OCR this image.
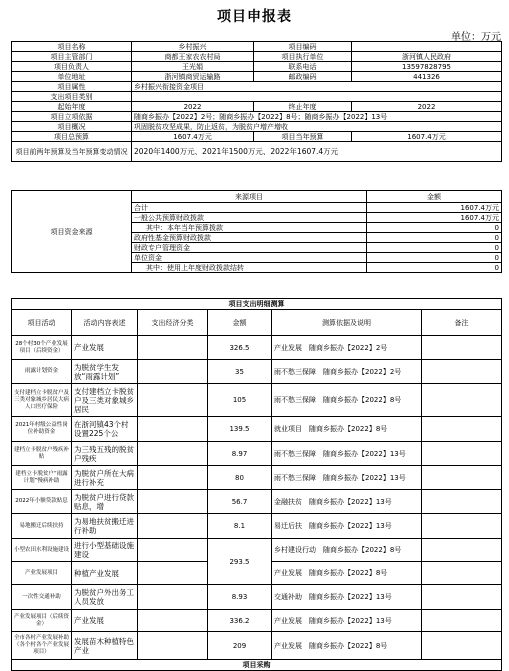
项目申报表
单位：万元
项目名称	乡村振兴	项目编码	
项目主管部门	商都王家农农村局	项目执行单位	浙河镇人民政府
项目负责人	王光娟	联系电话	13597828795
单位地址	浙河镇商贸运输路	邮政编码	441326
项目属性	乡村振兴衔接资金项目		
支出项目类别			
起始年度	2022	终止年度	2022
项目立项依据	随商乡振办【2022】2号；随商乡振办【2022】8号；随商乡振办【2022】13号		
项目概况	巩固脱贫攻坚成果，防止返贫，为脱贫户增产增收		
项目总预算	1607.4万元	项目当年预算	1607.4万元
项目前两年预算及当年预算变动情况	2020年1400万元、2021年1500万元、2022年1607.4万元		
项目资金来源	来源项目	金额
	合计	1607.4万元
	一般公共预算财政拨款	1607.4万元
	其中：本年当年预算拨款	0
	政府性基金预算财政拨款	0
	财政专户管理资金	0
	单位资金	0
	其中：使用上年度财政拨款结转	0
项目支出明细测算					
项目活动	活动内容表述	支出经济分类	金额	测算依据及说明	备注
28个村30个产业发展项目（后续资金）	产业发展		326.5	产业发展　随商乡振办【2022】2号	
雨露计划资金	为脱贫学生发放“雨露计划”		35	雨不愁三保障　随商乡振办【2022】2号	
支付建档立卡脱贫户及三类对象城乡居民大病人口医疗保险	支付建档立卡脱贫户及三类对象城乡居民		105	雨不愁三保障　随商乡振办【2022】8号	
2021年村级公益性岗位补助资金	在浙河镇43个村设置225个公		139.5	就业项目　随商乡振办【2022】8号	
建档立卡脱贫户残疾补贴	为三残五残的脱贫户残疾		8.97	雨不愁三保障　随商乡振办【2022】13号	
建档立卡脱贫户“雨露计划”慢病补助	为脱贫户所在大病进行补充		80	雨不愁三保障　随商乡振办【2022】13号	
2022年小额贷款贴息	为脱贫户进行贷款贴息，增		56.7	金融扶贫　随商乡振办【2022】13号	
易地搬迁后续扶持	为易地扶贫搬迁进行补助		8.1	易迁后扶　随商乡振办【2022】13号	
小型农田水利设施建设	进行小型基础设施建设		293.5	乡村建设行动　随商乡振办【2022】8号	
产业发展项目	种植产业发展			产业发展　随商乡振办【2022】8号	
一次性交通补助	为脱贫户外出务工人员发放		8.93	交通补助　随商乡振办【2022】13号	
产业发展项目（后续资金）	产业发展		336.2	产业发展　随商乡振办【2022】13号	
全市各村产业发展补助（各个村各个产业发展项目）	发展苗木种植特色产业		209	产业发展　随商乡振办【2022】8号	
项目采购					
